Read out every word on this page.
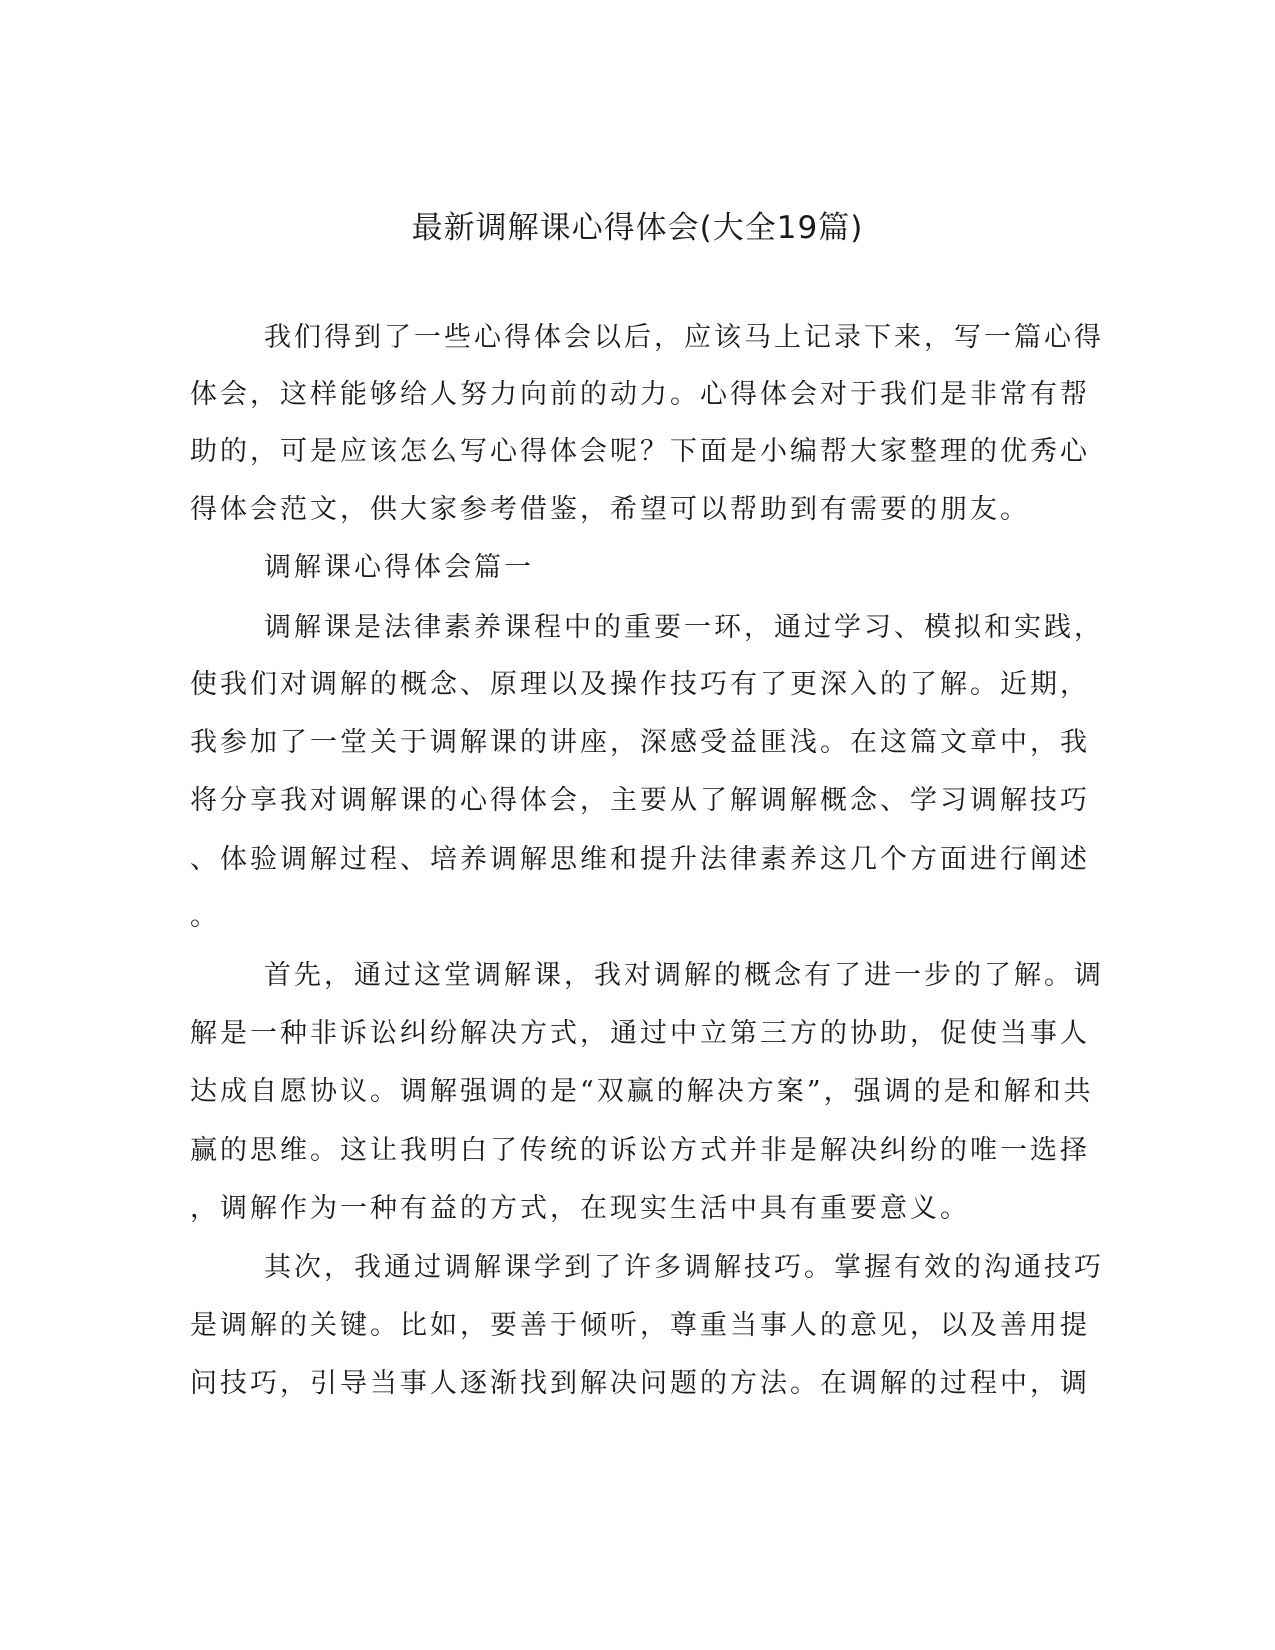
最新调解课心得体会(大全19篇)
我们得到了一些心得体会以后，应该马上记录下来，写一篇心得
体会，这样能够给人努力向前的动力。心得体会对于我们是非常有帮
助的，可是应该怎么写心得体会呢？下面是小编帮大家整理的优秀心
得体会范文，供大家参考借鉴，希望可以帮助到有需要的朋友。
调解课心得体会篇一
调解课是法律素养课程中的重要一环，通过学习、模拟和实践，
使我们对调解的概念、原理以及操作技巧有了更深入的了解。近期，
我参加了一堂关于调解课的讲座，深感受益匪浅。在这篇文章中，我
将分享我对调解课的心得体会，主要从了解调解概念、学习调解技巧
、体验调解过程、培养调解思维和提升法律素养这几个方面进行阐述
。
首先，通过这堂调解课，我对调解的概念有了进一步的了解。调
解是一种非诉讼纠纷解决方式，通过中立第三方的协助，促使当事人
达成自愿协议。调解强调的是“双赢的解决方案”，强调的是和解和共
赢的思维。这让我明白了传统的诉讼方式并非是解决纠纷的唯一选择
，调解作为一种有益的方式，在现实生活中具有重要意义。
其次，我通过调解课学到了许多调解技巧。掌握有效的沟通技巧
是调解的关键。比如，要善于倾听，尊重当事人的意见，以及善用提
问技巧，引导当事人逐渐找到解决问题的方法。在调解的过程中，调
